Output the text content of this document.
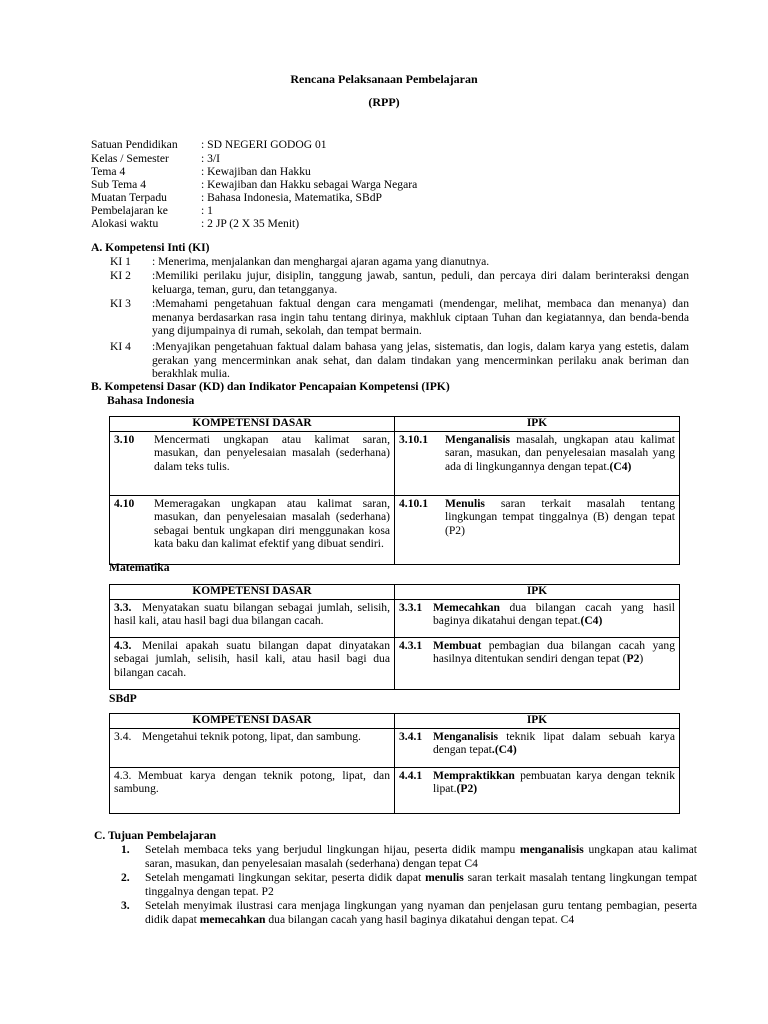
Rencana Pelaksanaan Pembelajaran
(RPP)
Satuan Pendidikan	: SD NEGERI GODOG 01
Kelas / Semester	: 3/I
Tema 4	: Kewajiban dan Hakku
Sub Tema 4	: Kewajiban dan Hakku sebagai Warga Negara
Muatan Terpadu	: Bahasa Indonesia, Matematika, SBdP
Pembelajaran ke	: 1
Alokasi waktu	: 2 JP (2 X 35 Menit)
A. Kompetensi Inti (KI)
KI 1 : Menerima, menjalankan dan menghargai ajaran agama yang dianutnya.
KI 2 :Memiliki perilaku jujur, disiplin, tanggung jawab, santun, peduli, dan percaya diri dalam berinteraksi dengan keluarga, teman, guru, dan tetangganya.
KI 3 :Memahami pengetahuan faktual dengan cara mengamati (mendengar, melihat, membaca dan menanya) dan menanya berdasarkan rasa ingin tahu tentang dirinya, makhluk ciptaan Tuhan dan kegiatannya, dan benda-benda yang dijumpainya di rumah, sekolah, dan tempat bermain.
KI 4 :Menyajikan pengetahuan faktual dalam bahasa yang jelas, sistematis, dan logis, dalam karya yang estetis, dalam gerakan yang mencerminkan anak sehat, dan dalam tindakan yang mencerminkan perilaku anak beriman dan berakhlak mulia.
B. Kompetensi Dasar (KD) dan Indikator Pencapaian Kompetensi (IPK)
Bahasa Indonesia
KOMPETENSI DASAR	IPK

3.10 Mencermati ungkapan atau kalimat saran, masukan, dan penyelesaian masalah (sederhana) dalam teks tulis.	3.10.1 Menganalisis masalah, ungkapan atau kalimat saran, masukan, dan penyelesaian masalah yang ada di lingkungannya dengan tepat.(C4)

4.10 Memeragakan ungkapan atau kalimat saran, masukan, dan penyelesaian masalah (sederhana) sebagai bentuk ungkapan diri menggunakan kosa kata baku dan kalimat efektif yang dibuat sendiri.	4.10.1 Menulis saran terkait masalah tentang lingkungan tempat tinggalnya (B) dengan tepat (P2)
Matematika
KOMPETENSI DASAR	IPK

3.3. Menyatakan suatu bilangan sebagai jumlah, selisih, hasil kali, atau hasil bagi dua bilangan cacah.	3.3.1 Memecahkan dua bilangan cacah yang hasil baginya dikatahui dengan tepat.(C4)

4.3. Menilai apakah suatu bilangan dapat dinyatakan sebagai jumlah, selisih, hasil kali, atau hasil bagi dua bilangan cacah.	4.3.1 Membuat pembagian dua bilangan cacah yang hasilnya ditentukan sendiri dengan tepat (P2)
SBdP
KOMPETENSI DASAR	IPK

3.4. Mengetahui teknik potong, lipat, dan sambung.	3.4.1 Menganalisis teknik lipat dalam sebuah karya dengan tepat.(C4)

4.3. Membuat karya dengan teknik potong, lipat, dan sambung.	4.4.1 Mempraktikkan pembuatan karya dengan teknik lipat.(P2)
C. Tujuan Pembelajaran
1. Setelah membaca teks yang berjudul lingkungan hijau, peserta didik mampu menganalisis ungkapan atau kalimat saran, masukan, dan penyelesaian masalah (sederhana) dengan tepat C4
2. Setelah mengamati lingkungan sekitar, peserta didik dapat menulis saran terkait masalah tentang lingkungan tempat tinggalnya dengan tepat. P2
3. Setelah menyimak ilustrasi cara menjaga lingkungan yang nyaman dan penjelasan guru tentang pembagian, peserta didik dapat memecahkan dua bilangan cacah yang hasil baginya dikatahui dengan tepat. C4
